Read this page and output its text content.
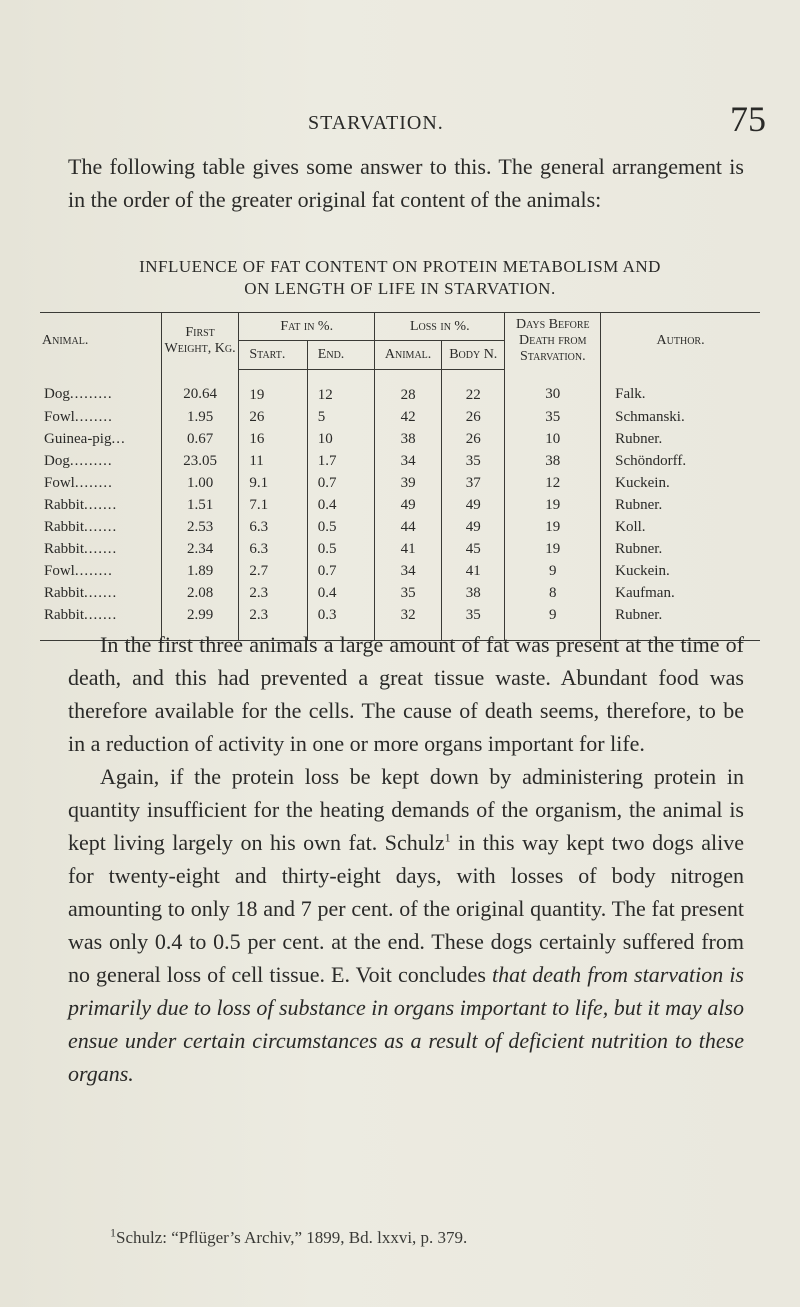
STARVATION.	75
The following table gives some answer to this. The general arrangement is in the order of the greater original fat content of the animals:
INFLUENCE OF FAT CONTENT ON PROTEIN METABOLISM AND
ON LENGTH OF LIFE IN STARVATION.
Animal.	First Weight, Kg.	Fat in %.		Loss in %.		Days Before Death from Starvation.	Author.
		Start.	End.	Animal.	Body N.		
Dog.........	20.64	19	12	28	22	30	Falk.
Fowl........	1.95	26	5	42	26	35	Schmanski.
Guinea-pig...	0.67	16	10	38	26	10	Rubner.
Dog.........	23.05	11	1.7	34	35	38	Schöndorff.
Fowl........	1.00	9.1	0.7	39	37	12	Kuckein.
Rabbit.......	1.51	7.1	0.4	49	49	19	Rubner.
Rabbit.......	2.53	6.3	0.5	44	49	19	Koll.
Rabbit.......	2.34	6.3	0.5	41	45	19	Rubner.
Fowl........	1.89	2.7	0.7	34	41	9	Kuckein.
Rabbit.......	2.08	2.3	0.4	35	38	8	Kaufman.
Rabbit.......	2.99	2.3	0.3	32	35	9	Rubner.

In the first three animals a large amount of fat was present at the time of death, and this had prevented a great tissue waste. Abundant food was therefore available for the cells. The cause of death seems, therefore, to be in a reduction of activity in one or more organs important for life.

Again, if the protein loss be kept down by administering protein in quantity insufficient for the heating demands of the organism, the animal is kept living largely on his own fat. Schulz$^1$ in this way kept two dogs alive for twenty-eight and thirty-eight days, with losses of body nitrogen amounting to only 18 and 7 per cent. of the original quantity. The fat present was only 0.4 to 0.5 per cent. at the end. These dogs certainly suffered from no general loss of cell tissue. E. Voit concludes that death from starvation is primarily due to loss of substance in organs important to life, but it may also ensue under certain circumstances as a result of deficient nutrition to these organs.

$^1$Schulz: “Pflüger’s Archiv,” 1899, Bd. lxxvi, p. 379.
